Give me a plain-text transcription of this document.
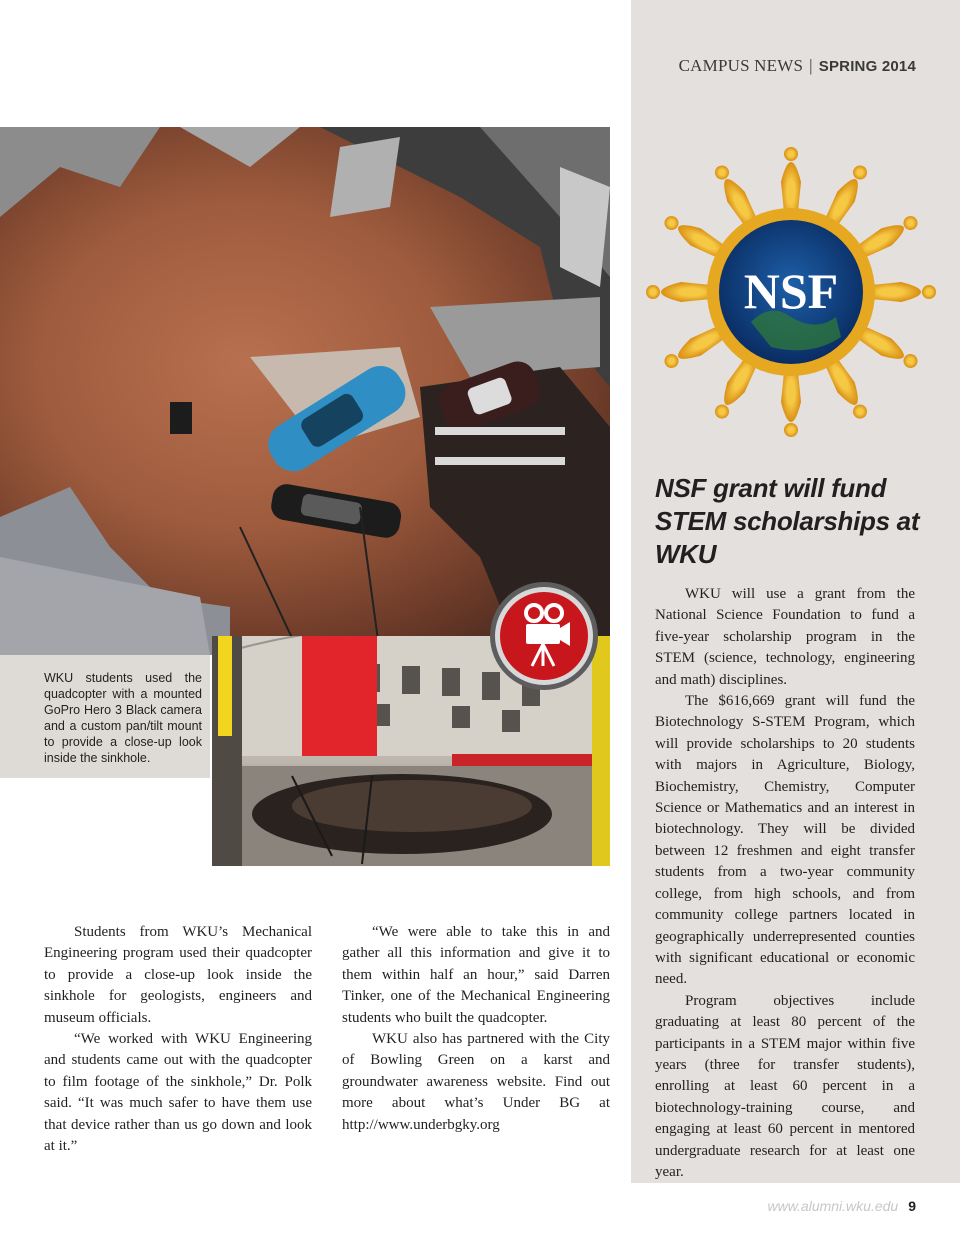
CAMPUS NEWS | SPRING 2014
WKU students used the quadcopter with a mounted GoPro Hero 3 Black camera and a custom pan/tilt mount to provide a close-up look inside the sinkhole.

Students from WKU’s Mechanical Engineering program used their quadcopter to provide a close-up look inside the sinkhole for geologists, engineers and museum officials.

“We worked with WKU Engineering and students came out with the quadcopter to film footage of the sinkhole,” Dr. Polk said. “It was much safer to have them use that device rather than us go down and look at it.”

“We were able to take this in and gather all this information and give it to them within half an hour,” said Darren Tinker, one of the Mechanical Engineering students who built the quadcopter.

WKU also has partnered with the City of Bowling Green on a karst and groundwater awareness website. Find out more about what’s Under BG at http://www.underbgky.org

NSF
NSF grant will fund STEM scholarships at WKU

WKU will use a grant from the National Science Foundation to fund a five-year scholarship program in the STEM (science, technology, engineering and math) disciplines.

The $616,669 grant will fund the Biotechnology S-STEM Program, which will provide scholarships to 20 students with majors in Agriculture, Biology, Biochemistry, Chemistry, Computer Science or Mathematics and an interest in biotechnology. They will be divided between 12 freshmen and eight transfer students from a two-year community college, from high schools, and from community college partners located in geographically underrepresented counties with significant educational or economic need.

Program objectives include graduating at least 80 percent of the participants in a STEM major within five years (three for transfer students), enrolling at least 60 percent in a biotechnology-training course, and engaging at least 60 percent in mentored undergraduate research for at least one year.

www.alumni.wku.edu 9
